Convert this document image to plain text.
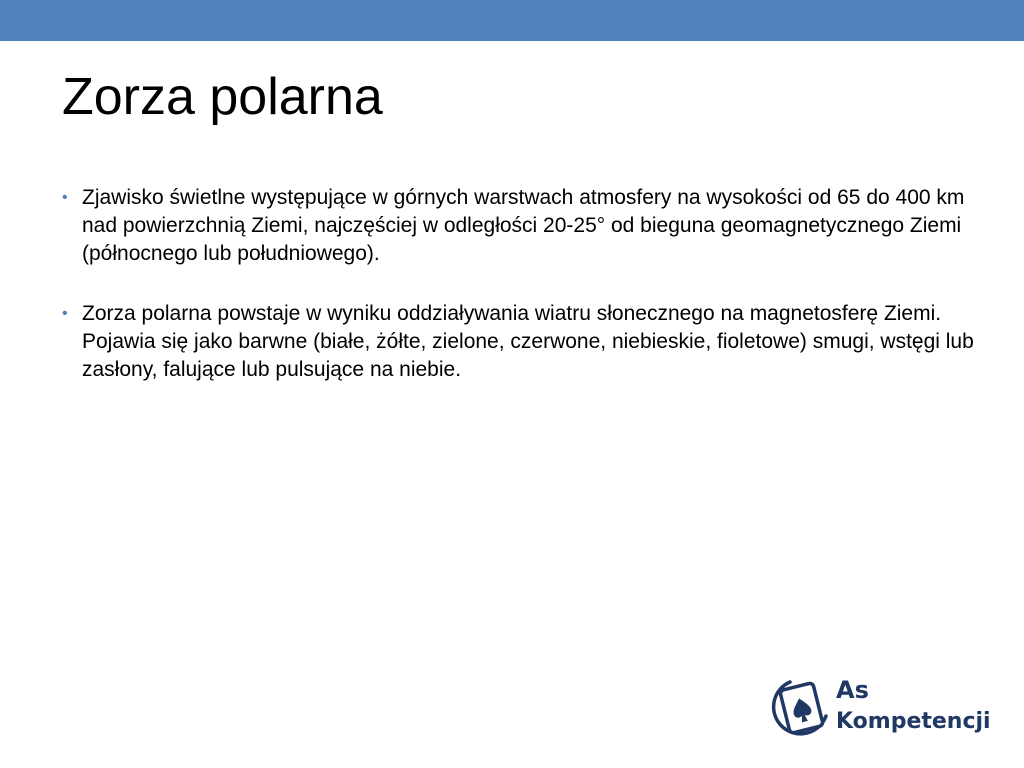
Zorza polarna
• Zjawisko świetlne występujące w górnych warstwach atmosfery na wysokości od 65 do 400 km nad powierzchnią Ziemi, najczęściej w odległości 20-25° od bieguna geomagnetycznego Ziemi (północnego lub południowego).
• Zorza polarna powstaje w wyniku oddziaływania wiatru słonecznego na magnetosferę Ziemi. Pojawia się jako barwne (białe, żółte, zielone, czerwone, niebieskie, fioletowe) smugi, wstęgi lub zasłony, falujące lub pulsujące na niebie.
As
Kompetencji
